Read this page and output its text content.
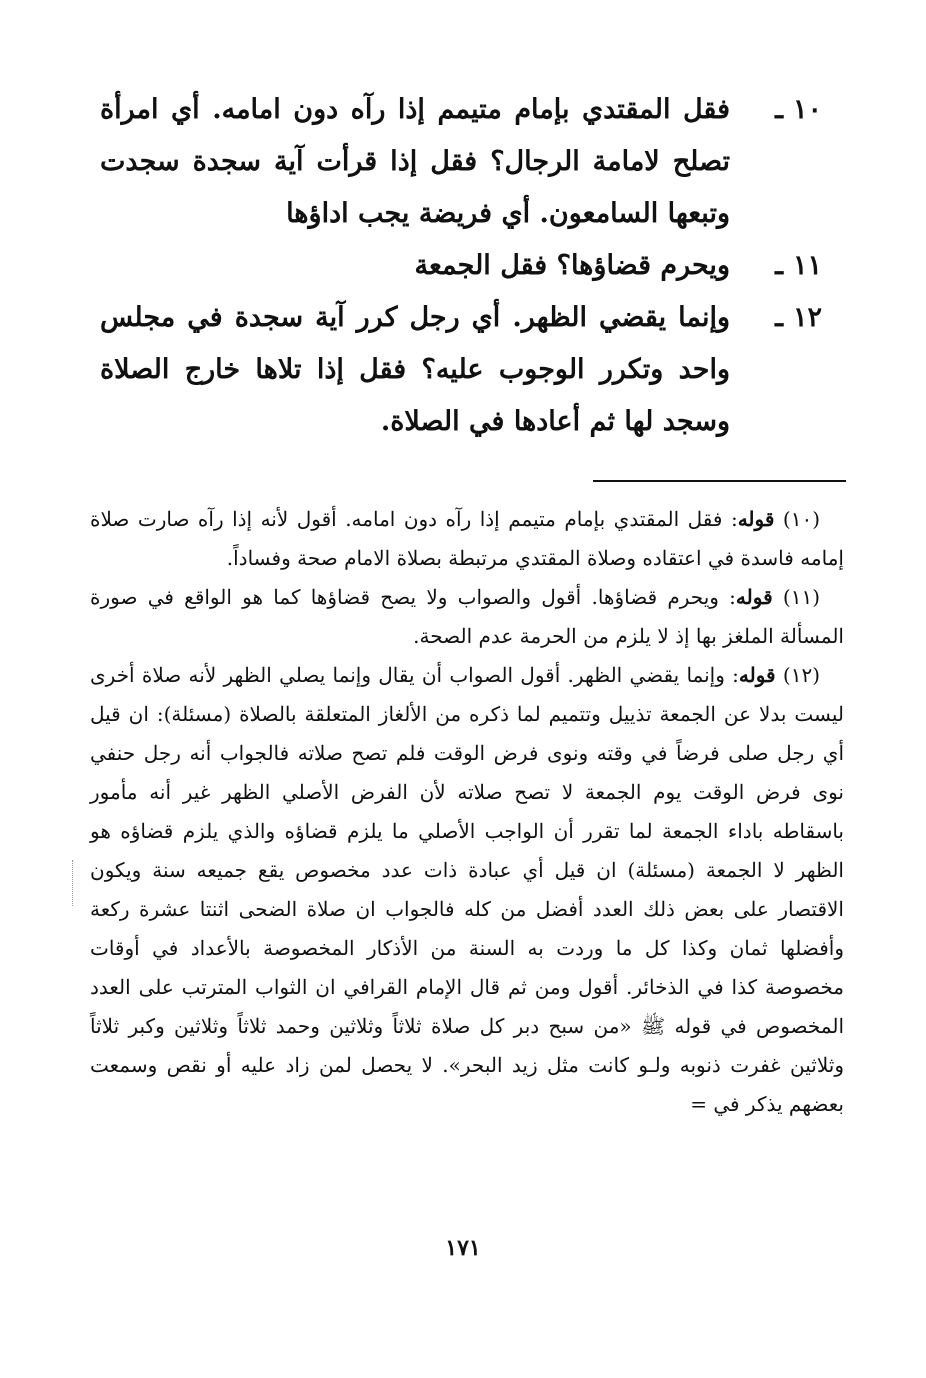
١٠ـ
فقل المقتدي بإمام متيمم إذا رآه دون امامه. أي امرأة تصلح لامامة الرجال؟ فقل إذا قرأت آية سجدة سجدت وتبعها السامعون. أي فريضة يجب اداؤها
١١ـ
ويحرم قضاؤها؟ فقل الجمعة
١٢ـ
وإنما يقضي الظهر. أي رجل كرر آية سجدة في مجلس واحد وتكرر الوجوب عليه؟ فقل إذا تلاها خارج الصلاة وسجد لها ثم أعادها في الصلاة.

(١٠) قوله: فقل المقتدي بإمام متيمم إذا رآه دون امامه. أقول لأنه إذا رآه صارت صلاة إمامه فاسدة في اعتقاده وصلاة المقتدي مرتبطة بصلاة الامام صحة وفساداً.

(١١) قوله: ويحرم قضاؤها. أقول والصواب ولا يصح قضاؤها كما هو الواقع في صورة المسألة الملغز بها إذ لا يلزم من الحرمة عدم الصحة.

(١٢) قوله: وإنما يقضي الظهر. أقول الصواب أن يقال وإنما يصلي الظهر لأنه صلاة أخرى ليست بدلا عن الجمعة تذييل وتتميم لما ذكره من الألغاز المتعلقة بالصلاة (مسئلة): ان قيل أي رجل صلى فرضاً في وقته ونوى فرض الوقت فلم تصح صلاته فالجواب أنه رجل حنفي نوى فرض الوقت يوم الجمعة لا تصح صلاته لأن الفرض الأصلي الظهر غير أنه مأمور باسقاطه باداء الجمعة لما تقرر أن الواجب الأصلي ما يلزم قضاؤه والذي يلزم قضاؤه هو الظهر لا الجمعة (مسئلة) ان قيل أي عبادة ذات عدد مخصوص يقع جميعه سنة ويكون الاقتصار على بعض ذلك العدد أفضل من كله فالجواب ان صلاة الضحى اثنتا عشرة ركعة وأفضلها ثمان وكذا كل ما وردت به السنة من الأذكار المخصوصة بالأعداد في أوقات مخصوصة كذا في الذخائر. أقول ومن ثم قال الإمام القرافي ان الثواب المترتب على العدد المخصوص في قوله ﷺ «من سبح دبر كل صلاة ثلاثاً وثلاثين وحمد ثلاثاً وثلاثين وكبر ثلاثاً وثلاثين غفرت ذنوبه ولـو كانت مثل زيد البحر». لا يحصل لمن زاد عليه أو نقص وسمعت بعضهم يذكر في =

١٧١
